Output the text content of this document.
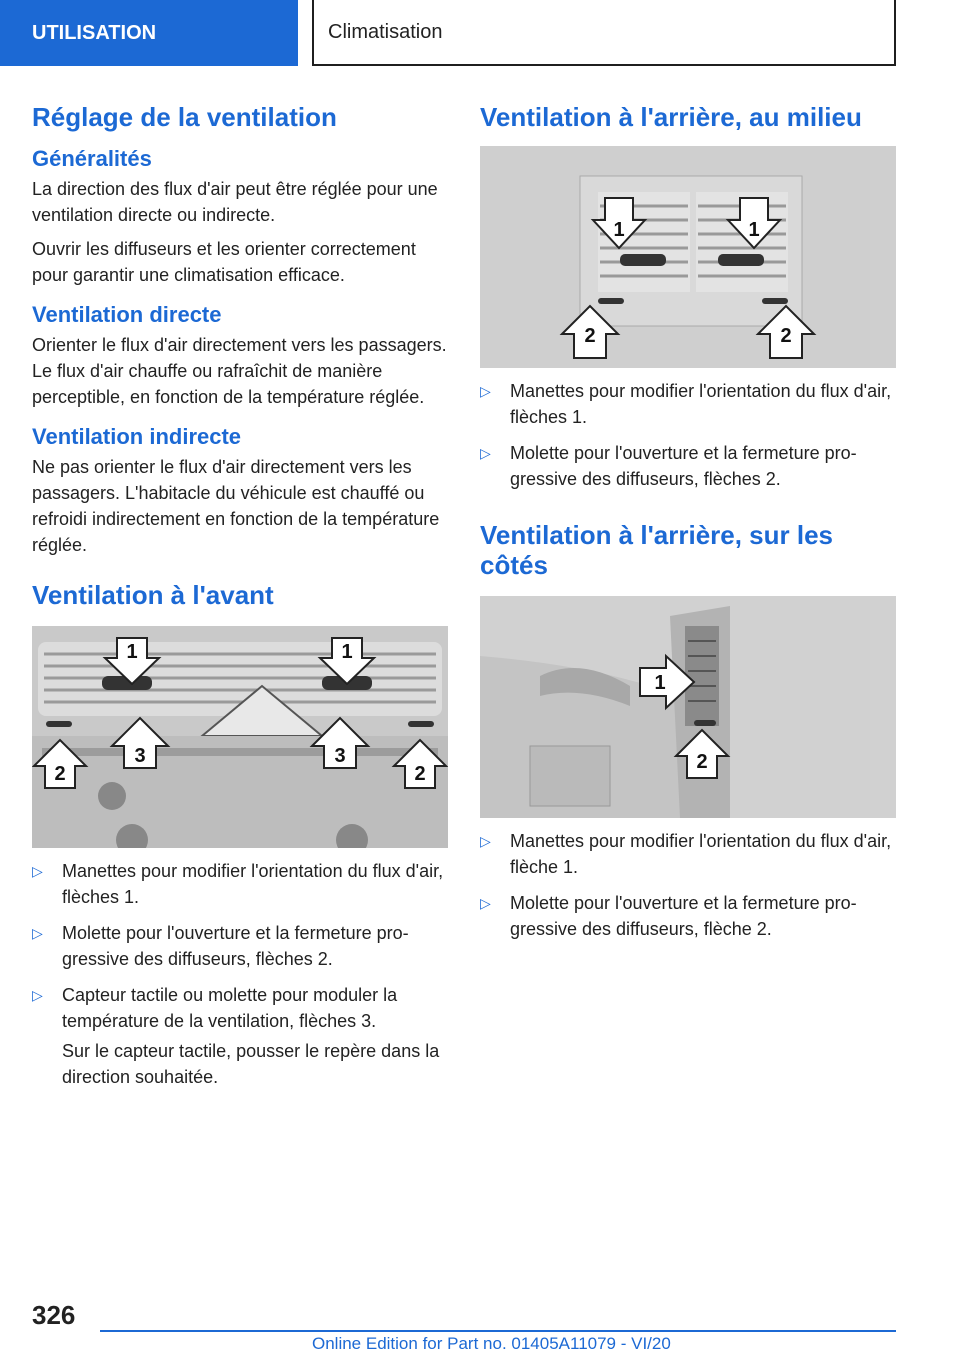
UTILISATION	Climatisation
Réglage de la ventilation
Généralités

La direction des flux d'air peut être réglée pour une ventilation directe ou indirecte.

Ouvrir les diffuseurs et les orienter correctement pour garantir une climatisation efficace.

Ventilation directe

Orienter le flux d'air directement vers les passagers. Le flux d'air chauffe ou rafraîchit de manière perceptible, en fonction de la température réglée.

Ventilation indirecte

Ne pas orienter le flux d'air directement vers les passagers. L'habitacle du véhicule est chauffé ou refroidi indirectement en fonction de la température réglée.

Ventilation à l'avant
1	1
2	2
3	3
▷ Manettes pour modifier l'orientation du flux d'air, flèches 1.
▷ Molette pour l'ouverture et la fermeture progressive des diffuseurs, flèches 2.
▷ Capteur tactile ou molette pour moduler la température de la ventilation, flèches 3.
Sur le capteur tactile, pousser le repère dans la direction souhaitée.
Ventilation à l'arrière, au milieu
1	1
2	2
▷ Manettes pour modifier l'orientation du flux d'air, flèches 1.
▷ Molette pour l'ouverture et la fermeture progressive des diffuseurs, flèches 2.
Ventilation à l'arrière, sur les côtés
1
2
▷ Manettes pour modifier l'orientation du flux d'air, flèche 1.
▷ Molette pour l'ouverture et la fermeture progressive des diffuseurs, flèche 2.
326
Online Edition for Part no. 01405A11079 - VI/20
